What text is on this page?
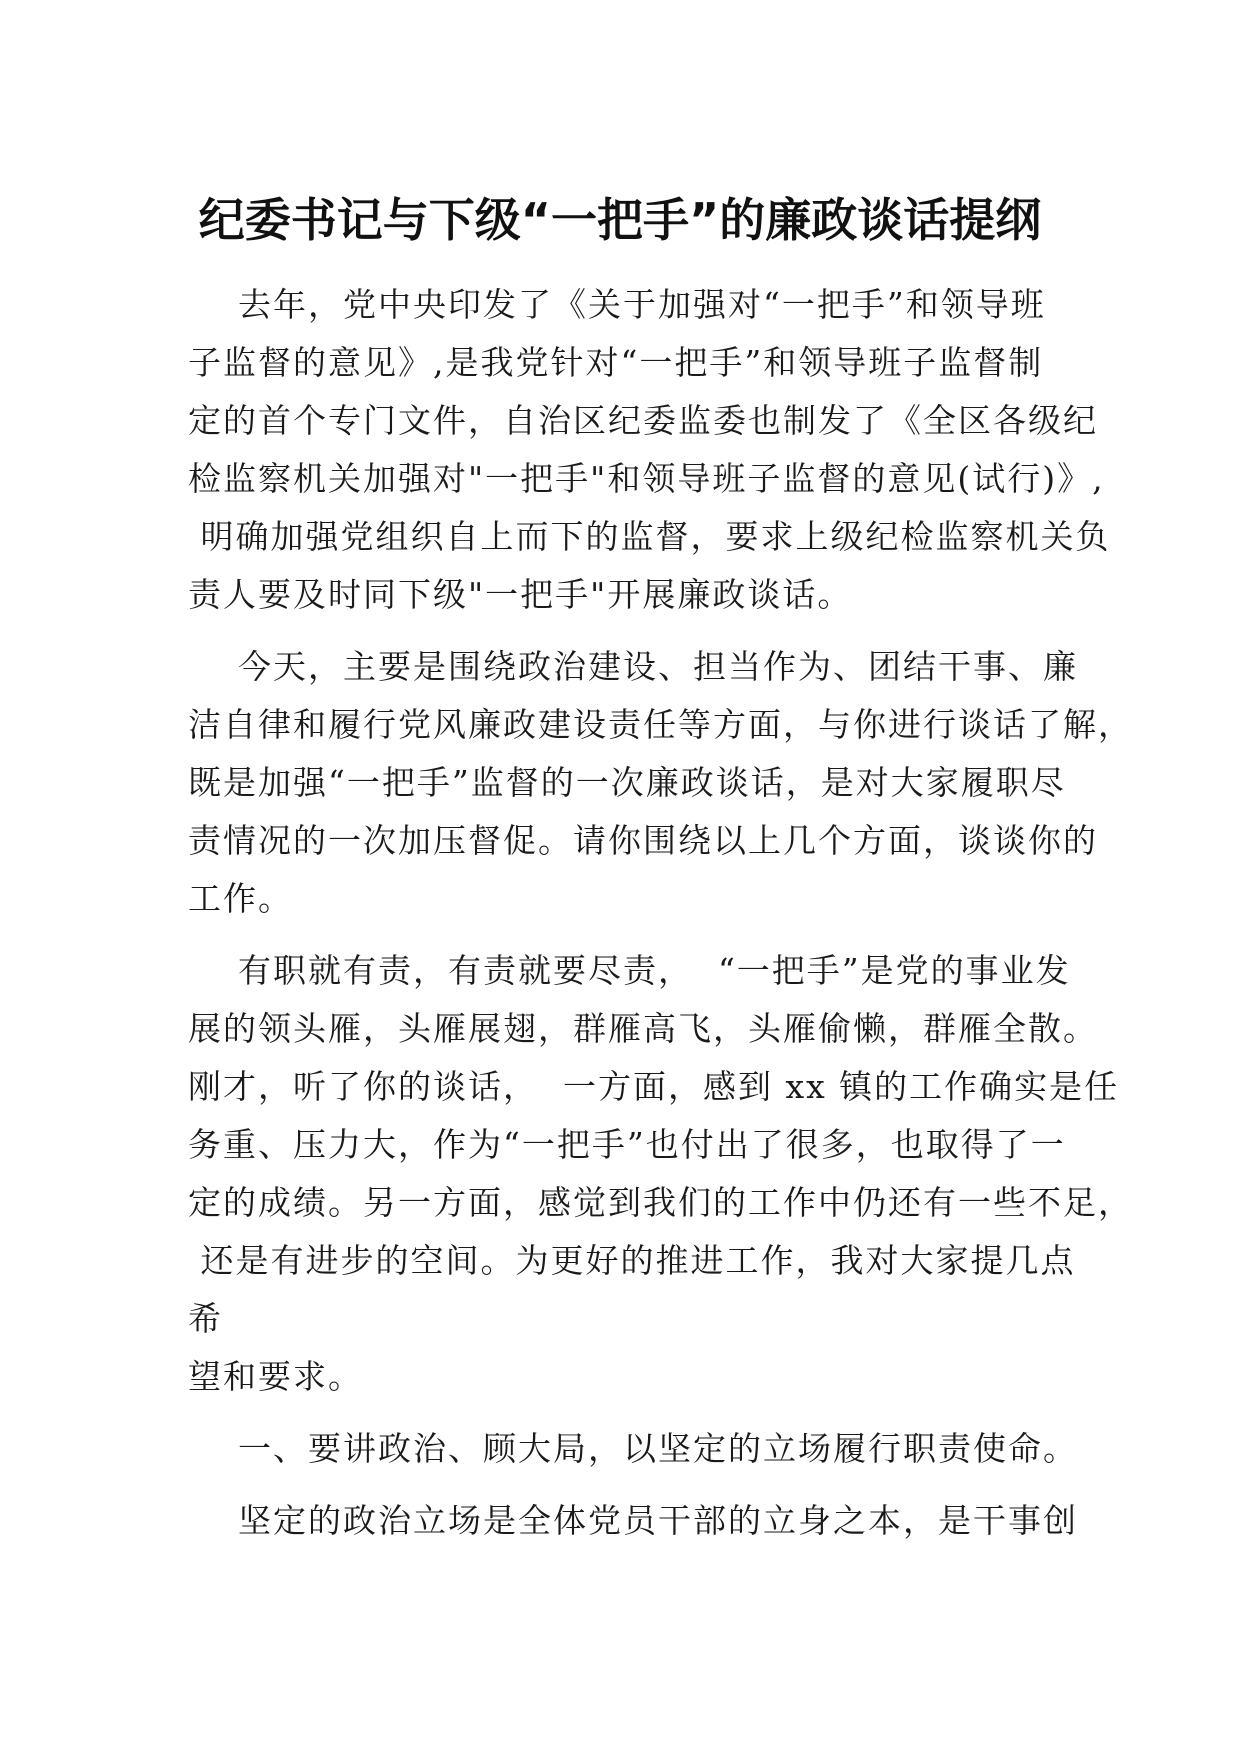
纪委书记与下级“一把手”的廉政谈话提纲
去年，党中央印发了《关于加强对“一把手”和领导班
子监督的意见》,是我党针对“一把手”和领导班子监督制
定的首个专门文件，自治区纪委监委也制发了《全区各级纪
检监察机关加强对"一把手"和领导班子监督的意见(试行)》,
明确加强党组织自上而下的监督，要求上级纪检监察机关负
责人要及时同下级"一把手"开展廉政谈话。
今天，主要是围绕政治建设、担当作为、团结干事、廉
洁自律和履行党风廉政建设责任等方面，与你进行谈话了解，
既是加强“一把手”监督的一次廉政谈话，是对大家履职尽
责情况的一次加压督促。请你围绕以上几个方面，谈谈你的
工作。
有职就有责，有责就要尽责，  “一把手”是党的事业发
展的领头雁，头雁展翅，群雁高飞，头雁偷懒，群雁全散。
刚才，听了你的谈话，  一方面，感到 xx 镇的工作确实是任
务重、压力大，作为“一把手”也付出了很多，也取得了一
定的成绩。另一方面，感觉到我们的工作中仍还有一些不足，
还是有进步的空间。为更好的推进工作，我对大家提几点
希
望和要求。
一、要讲政治、顾大局，以坚定的立场履行职责使命。
坚定的政治立场是全体党员干部的立身之本，是干事创
